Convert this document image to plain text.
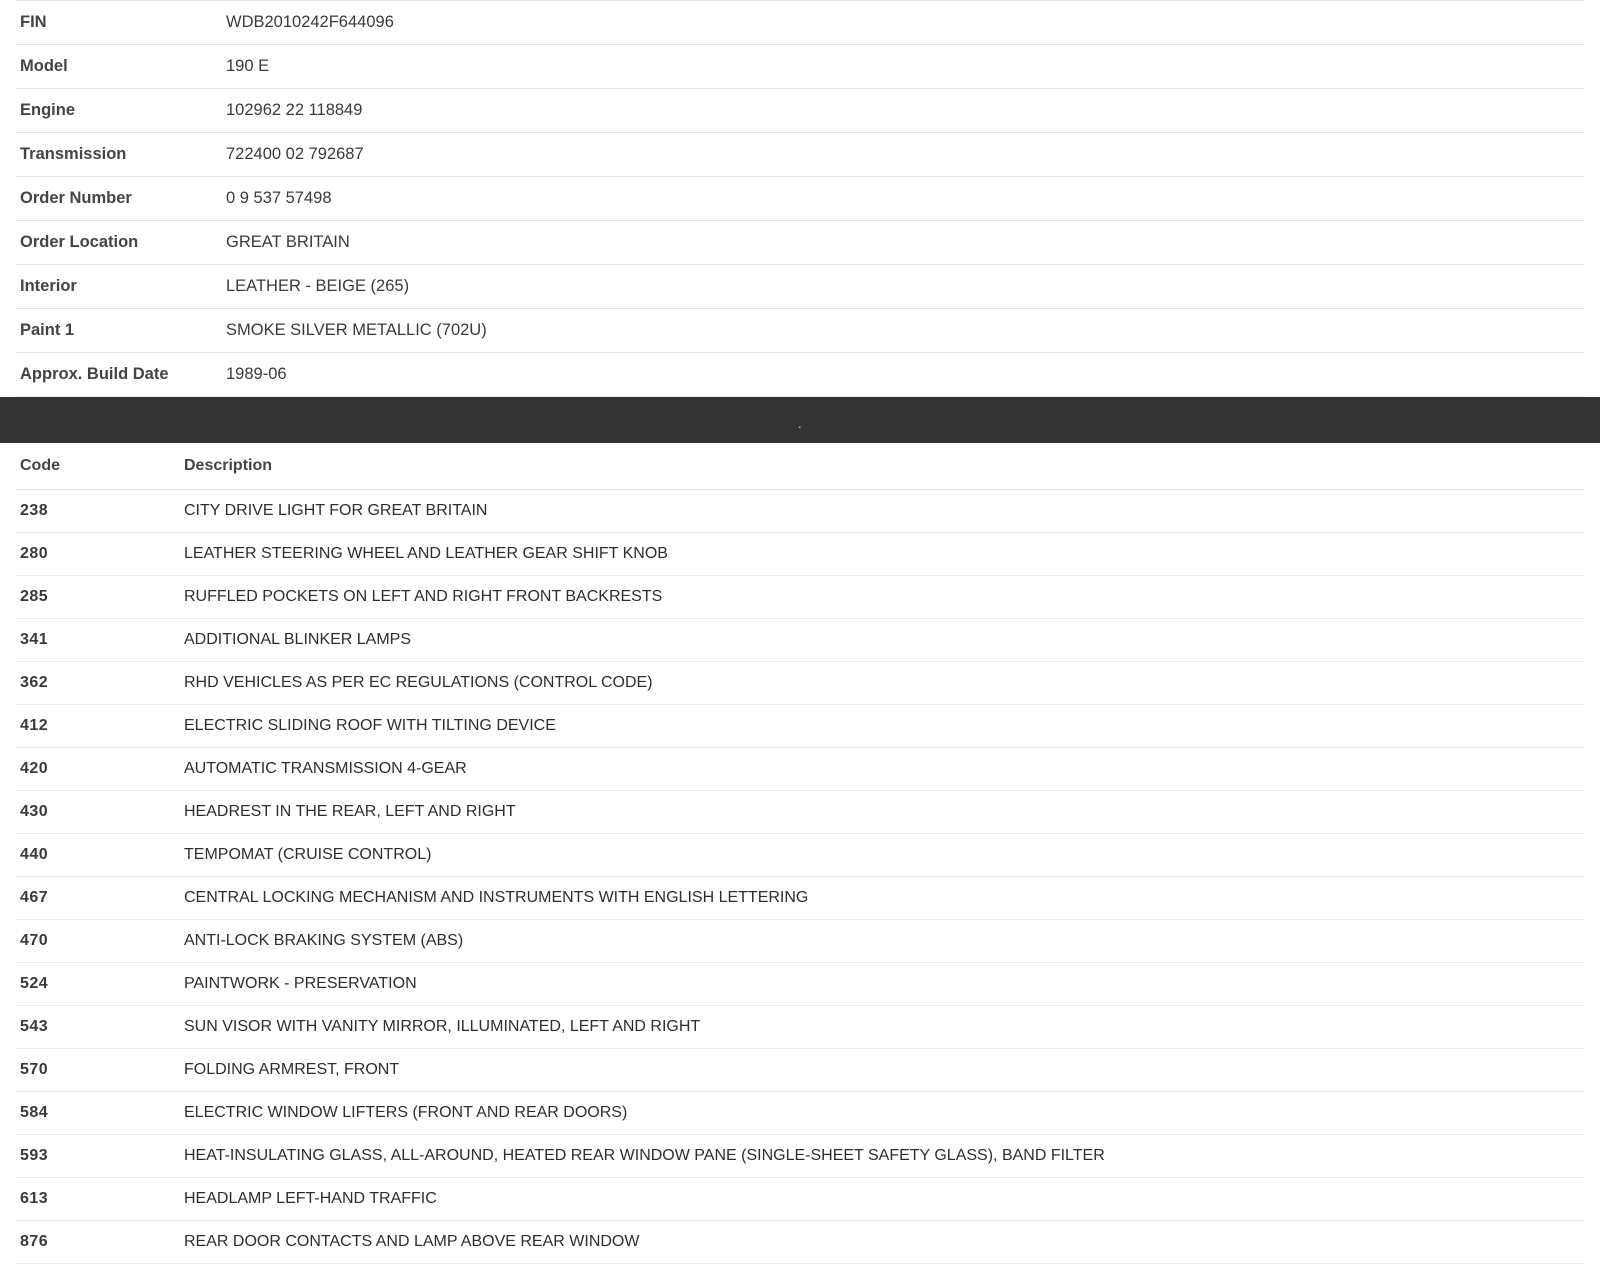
FIN	WDB2010242F644096
Model	190 E
Engine	102962 22 118849
Transmission	722400 02 792687
Order Number	0 9 537 57498
Order Location	GREAT BRITAIN
Interior	LEATHER - BEIGE (265)
Paint 1	SMOKE SILVER METALLIC (702U)
Approx. Build Date	1989-06
.
Code	Description
238	CITY DRIVE LIGHT FOR GREAT BRITAIN
280	LEATHER STEERING WHEEL AND LEATHER GEAR SHIFT KNOB
285	RUFFLED POCKETS ON LEFT AND RIGHT FRONT BACKRESTS
341	ADDITIONAL BLINKER LAMPS
362	RHD VEHICLES AS PER EC REGULATIONS (CONTROL CODE)
412	ELECTRIC SLIDING ROOF WITH TILTING DEVICE
420	AUTOMATIC TRANSMISSION 4-GEAR
430	HEADREST IN THE REAR, LEFT AND RIGHT
440	TEMPOMAT (CRUISE CONTROL)
467	CENTRAL LOCKING MECHANISM AND INSTRUMENTS WITH ENGLISH LETTERING
470	ANTI-LOCK BRAKING SYSTEM (ABS)
524	PAINTWORK - PRESERVATION
543	SUN VISOR WITH VANITY MIRROR, ILLUMINATED, LEFT AND RIGHT
570	FOLDING ARMREST, FRONT
584	ELECTRIC WINDOW LIFTERS (FRONT AND REAR DOORS)
593	HEAT-INSULATING GLASS, ALL-AROUND, HEATED REAR WINDOW PANE (SINGLE-SHEET SAFETY GLASS), BAND FILTER
613	HEADLAMP LEFT-HAND TRAFFIC
876	REAR DOOR CONTACTS AND LAMP ABOVE REAR WINDOW
